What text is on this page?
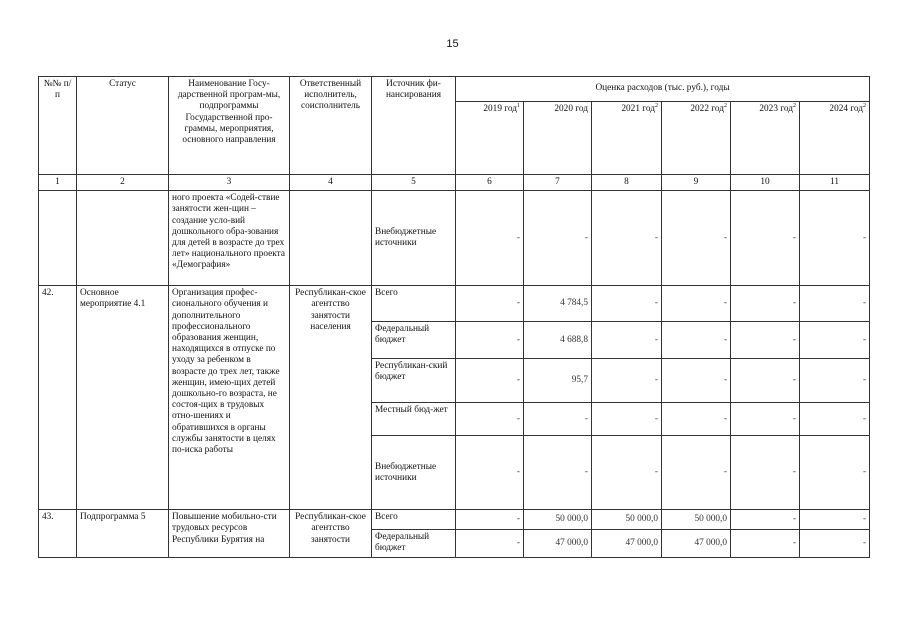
15
№№ п/п	Статус	Наименование Госу-дарственной програм-мы, подпрограммы Государственной про-граммы, мероприятия, основного направления	Ответственный исполнитель, соисполнитель	Источник фи-нансирования	Оценка расходов (тыс. руб.), годы					
					2019 год$^1$	2020 год	2021 год$^2$	2022 год$^2$	2023 год$^2$	2024 год$^2$
1	2	3	4	5	6	7	8	9	10	11
		ного проекта «Содей-ствие занятости жен-щин – создание усло-вий дошкольного обра-зования для детей в возрасте до трех лет» национального проекта «Демография»		Внебюджетные источники	-	-	-	-	-	-
42.	Основное мероприятие 4.1	Организация профес-сионального обучения и дополнительного профессионального образования женщин, находящихся в отпуске по уходу за ребенком в возрасте до трех лет, также женщин, имею-щих детей дошкольно-го возраста, не состоя-щих в трудовых отно-шениях и обратившихся в органы службы занятости в целях по-иска работы	Республикан-ское агентство занятости населения	Всего	-	4 784,5	-	-	-	-
				Федеральный бюджет	-	4 688,8	-	-	-	-
				Республикан-ский бюджет	-	95,7	-	-	-	-
				Местный бюд-жет	-	-	-	-	-	-
				Внебюджетные источники	-	-	-	-	-	-
43.	Подпрограмма 5	Повышение мобильно-сти трудовых ресурсов Республики Бурятия на	Республикан-ское агентство занятости	Всего	-	50 000,0	50 000,0	50 000,0	-	-
				Федеральный бюджет	-	47 000,0	47 000,0	47 000,0	-	-
